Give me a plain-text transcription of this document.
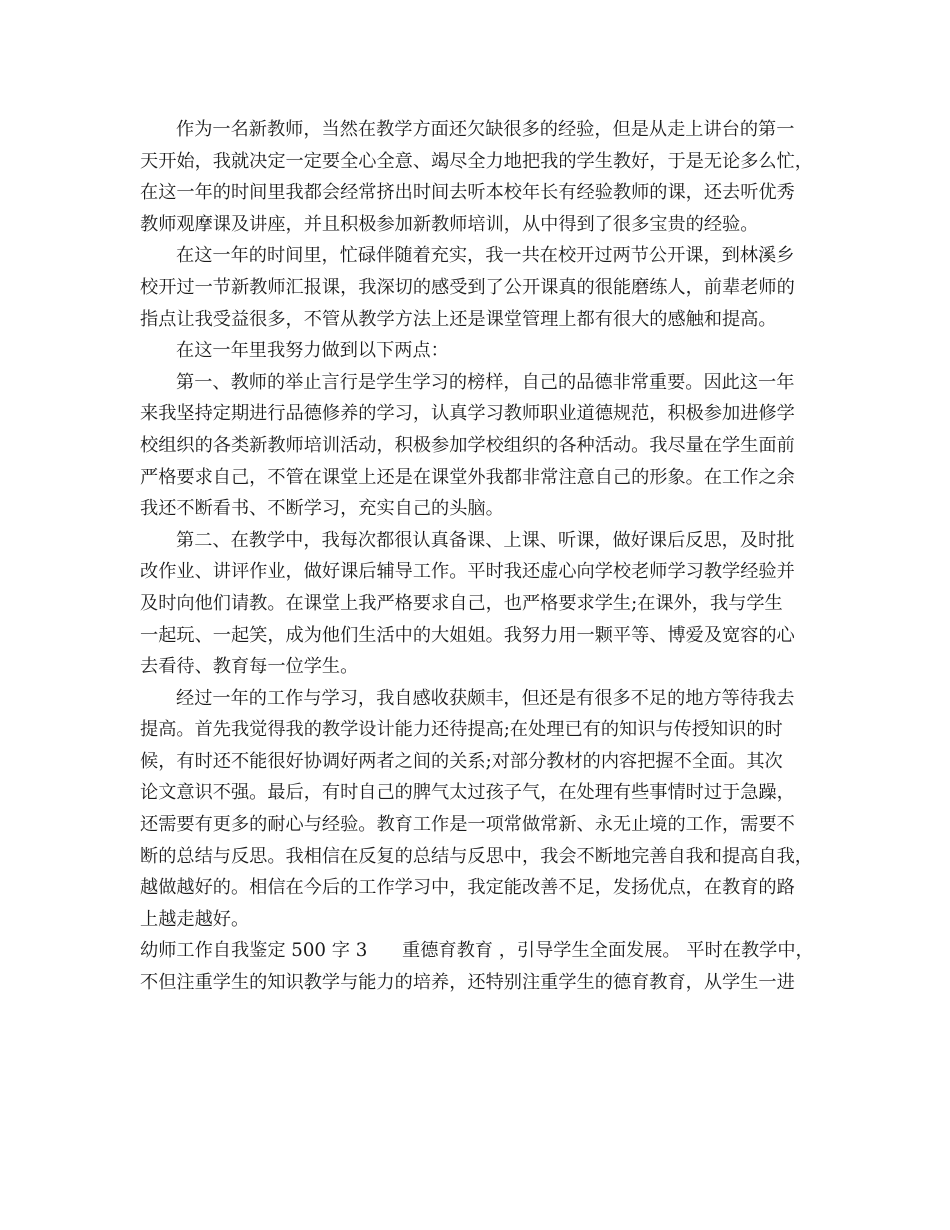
作为一名新教师，当然在教学方面还欠缺很多的经验，但是从走上讲台的第一
天开始，我就决定一定要全心全意、竭尽全力地把我的学生教好，于是无论多么忙，
在这一年的时间里我都会经常挤出时间去听本校年长有经验教师的课，还去听优秀
教师观摩课及讲座，并且积极参加新教师培训，从中得到了很多宝贵的经验。
在这一年的时间里，忙碌伴随着充实，我一共在校开过两节公开课，到林溪乡
校开过一节新教师汇报课，我深切的感受到了公开课真的很能磨练人，前辈老师的
指点让我受益很多，不管从教学方法上还是课堂管理上都有很大的感触和提高。
在这一年里我努力做到以下两点：
第一、教师的举止言行是学生学习的榜样，自己的品德非常重要。因此这一年
来我坚持定期进行品德修养的学习，认真学习教师职业道德规范，积极参加进修学
校组织的各类新教师培训活动，积极参加学校组织的各种活动。我尽量在学生面前
严格要求自己，不管在课堂上还是在课堂外我都非常注意自己的形象。在工作之余
我还不断看书、不断学习，充实自己的头脑。
第二、在教学中，我每次都很认真备课、上课、听课，做好课后反思，及时批
改作业、讲评作业，做好课后辅导工作。平时我还虚心向学校老师学习教学经验并
及时向他们请教。在课堂上我严格要求自己，也严格要求学生;在课外，我与学生
一起玩、一起笑，成为他们生活中的大姐姐。我努力用一颗平等、博爱及宽容的心
去看待、教育每一位学生。
经过一年的工作与学习，我自感收获颇丰，但还是有很多不足的地方等待我去
提高。首先我觉得我的教学设计能力还待提高;在处理已有的知识与传授知识的时
候，有时还不能很好协调好两者之间的关系;对部分教材的内容把握不全面。其次
论文意识不强。最后，有时自己的脾气太过孩子气，在处理有些事情时过于急躁，
还需要有更多的耐心与经验。教育工作是一项常做常新、永无止境的工作，需要不
断的总结与反思。我相信在反复的总结与反思中，我会不断地完善自我和提高自我，
越做越好的。相信在今后的工作学习中，我定能改善不足，发扬优点，在教育的路
上越走越好。
幼师工作自我鉴定 500 字 3      重德育教育 ，引导学生全面发展。 平时在教学中，
不但注重学生的知识教学与能力的培养，还特别注重学生的德育教育，从学生一进
